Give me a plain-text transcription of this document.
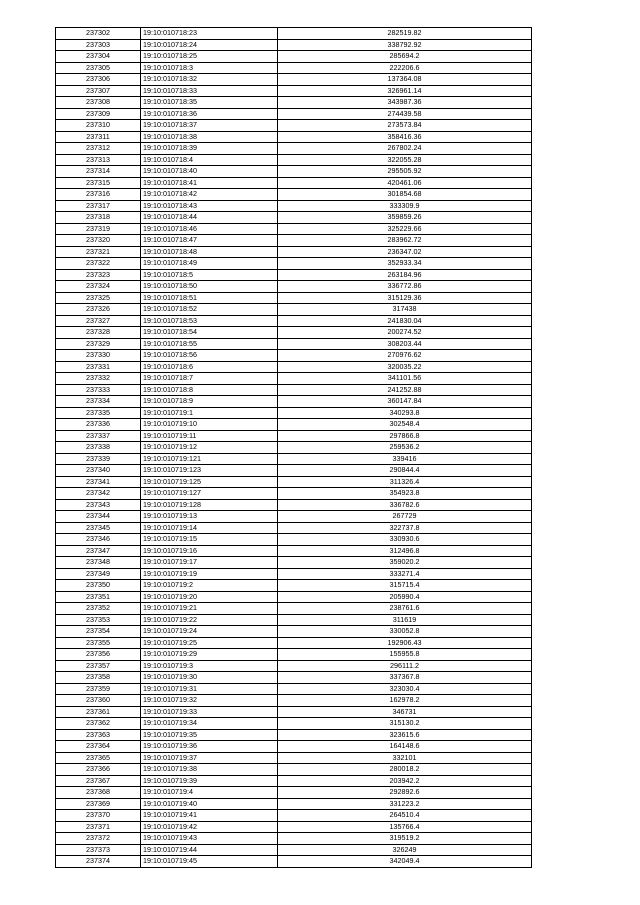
237302	19:10:010718:23	282519.82
237303	19:10:010718:24	338792.92
237304	19:10:010718:25	285694.2
237305	19:10:010718:3	222206.6
237306	19:10:010718:32	137364.08
237307	19:10:010718:33	326961.14
237308	19:10:010718:35	343987.36
237309	19:10:010718:36	274439.58
237310	19:10:010718:37	273573.84
237311	19:10:010718:38	358416.36
237312	19:10:010718:39	267802.24
237313	19:10:010718:4	322055.28
237314	19:10:010718:40	295505.92
237315	19:10:010718:41	420461.06
237316	19:10:010718:42	301854.68
237317	19:10:010718:43	333309.9
237318	19:10:010718:44	359859.26
237319	19:10:010718:46	325229.66
237320	19:10:010718:47	283962.72
237321	19:10:010718:48	236347.02
237322	19:10:010718:49	352933.34
237323	19:10:010718:5	263184.96
237324	19:10:010718:50	336772.86
237325	19:10:010718:51	315129.36
237326	19:10:010718:52	317438
237327	19:10:010718:53	241830.04
237328	19:10:010718:54	200274.52
237329	19:10:010718:55	308203.44
237330	19:10:010718:56	270976.62
237331	19:10:010718:6	320035.22
237332	19:10:010718:7	341101.56
237333	19:10:010718:8	241252.88
237334	19:10:010718:9	360147.84
237335	19:10:010719:1	340293.8
237336	19:10:010719:10	302548.4
237337	19:10:010719:11	297866.8
237338	19:10:010719:12	259536.2
237339	19:10:010719:121	339416
237340	19:10:010719:123	290844.4
237341	19:10:010719:125	311326.4
237342	19:10:010719:127	354923.8
237343	19:10:010719:128	336782.6
237344	19:10:010719:13	267729
237345	19:10:010719:14	322737.8
237346	19:10:010719:15	330930.6
237347	19:10:010719:16	312496.8
237348	19:10:010719:17	359020.2
237349	19:10:010719:19	333271.4
237350	19:10:010719:2	315715.4
237351	19:10:010719:20	205990.4
237352	19:10:010719:21	238761.6
237353	19:10:010719:22	311619
237354	19:10:010719:24	330052.8
237355	19:10:010719:25	192906.43
237356	19:10:010719:29	155955.8
237357	19:10:010719:3	296111.2
237358	19:10:010719:30	337367.8
237359	19:10:010719:31	323030.4
237360	19:10:010719:32	162978.2
237361	19:10:010719:33	346731
237362	19:10:010719:34	315130.2
237363	19:10:010719:35	323615.6
237364	19:10:010719:36	164148.6
237365	19:10:010719:37	332101
237366	19:10:010719:38	280018.2
237367	19:10:010719:39	203942.2
237368	19:10:010719:4	292892.6
237369	19:10:010719:40	331223.2
237370	19:10:010719:41	264510.4
237371	19:10:010719:42	135766.4
237372	19:10:010719:43	319519.2
237373	19:10:010719:44	326249
237374	19:10:010719:45	342049.4
